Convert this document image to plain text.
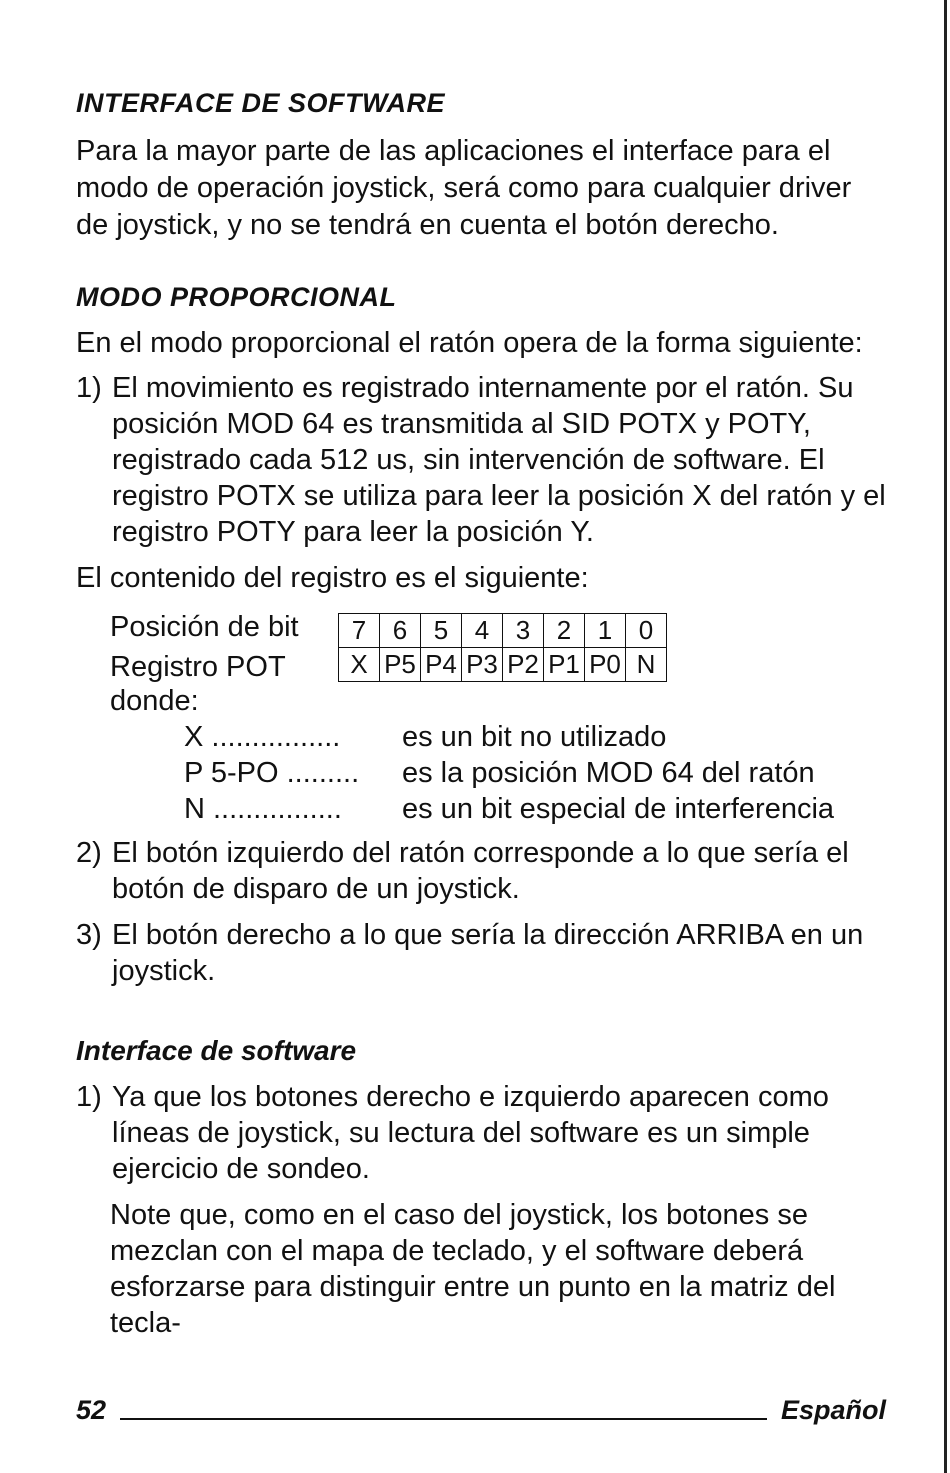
INTERFACE DE SOFTWARE

Para la mayor parte de las aplicaciones el interface para el modo de operación joystick, será como para cualquier driver de joystick, y no se tendrá en cuenta el botón derecho.

MODO PROPORCIONAL

En el modo proporcional el ratón opera de la forma siguiente:

1) El movimiento es registrado internamente por el ratón. Su posición MOD 64 es transmitida al SID POTX y POTY, registrado cada 512 us, sin intervención de software. El registro POTX se utiliza para leer la posición X del ratón y el registro POTY para leer la posición Y.

El contenido del registro es el siguiente:

Posición de bit
Registro POT
7	6	5	4	3	2	1	0
X	P5	P4	P3	P2	P1	P0	N
donde:
X ................	es un bit no utilizado
P 5-PO .........	es la posición MOD 64 del ratón
N ................	es un bit especial de interferencia
2) El botón izquierdo del ratón corresponde a lo que sería el botón de disparo de un joystick.
3) El botón derecho a lo que sería la dirección ARRIBA en un joystick.
Interface de software
1) Ya que los botones derecho e izquierdo aparecen como líneas de joystick, su lectura del software es un simple ejercicio de sondeo.

Note que, como en el caso del joystick, los botones se mezclan con el mapa de teclado, y el software deberá esforzarse para distinguir entre un punto en la matriz del tecla-

52	Español
